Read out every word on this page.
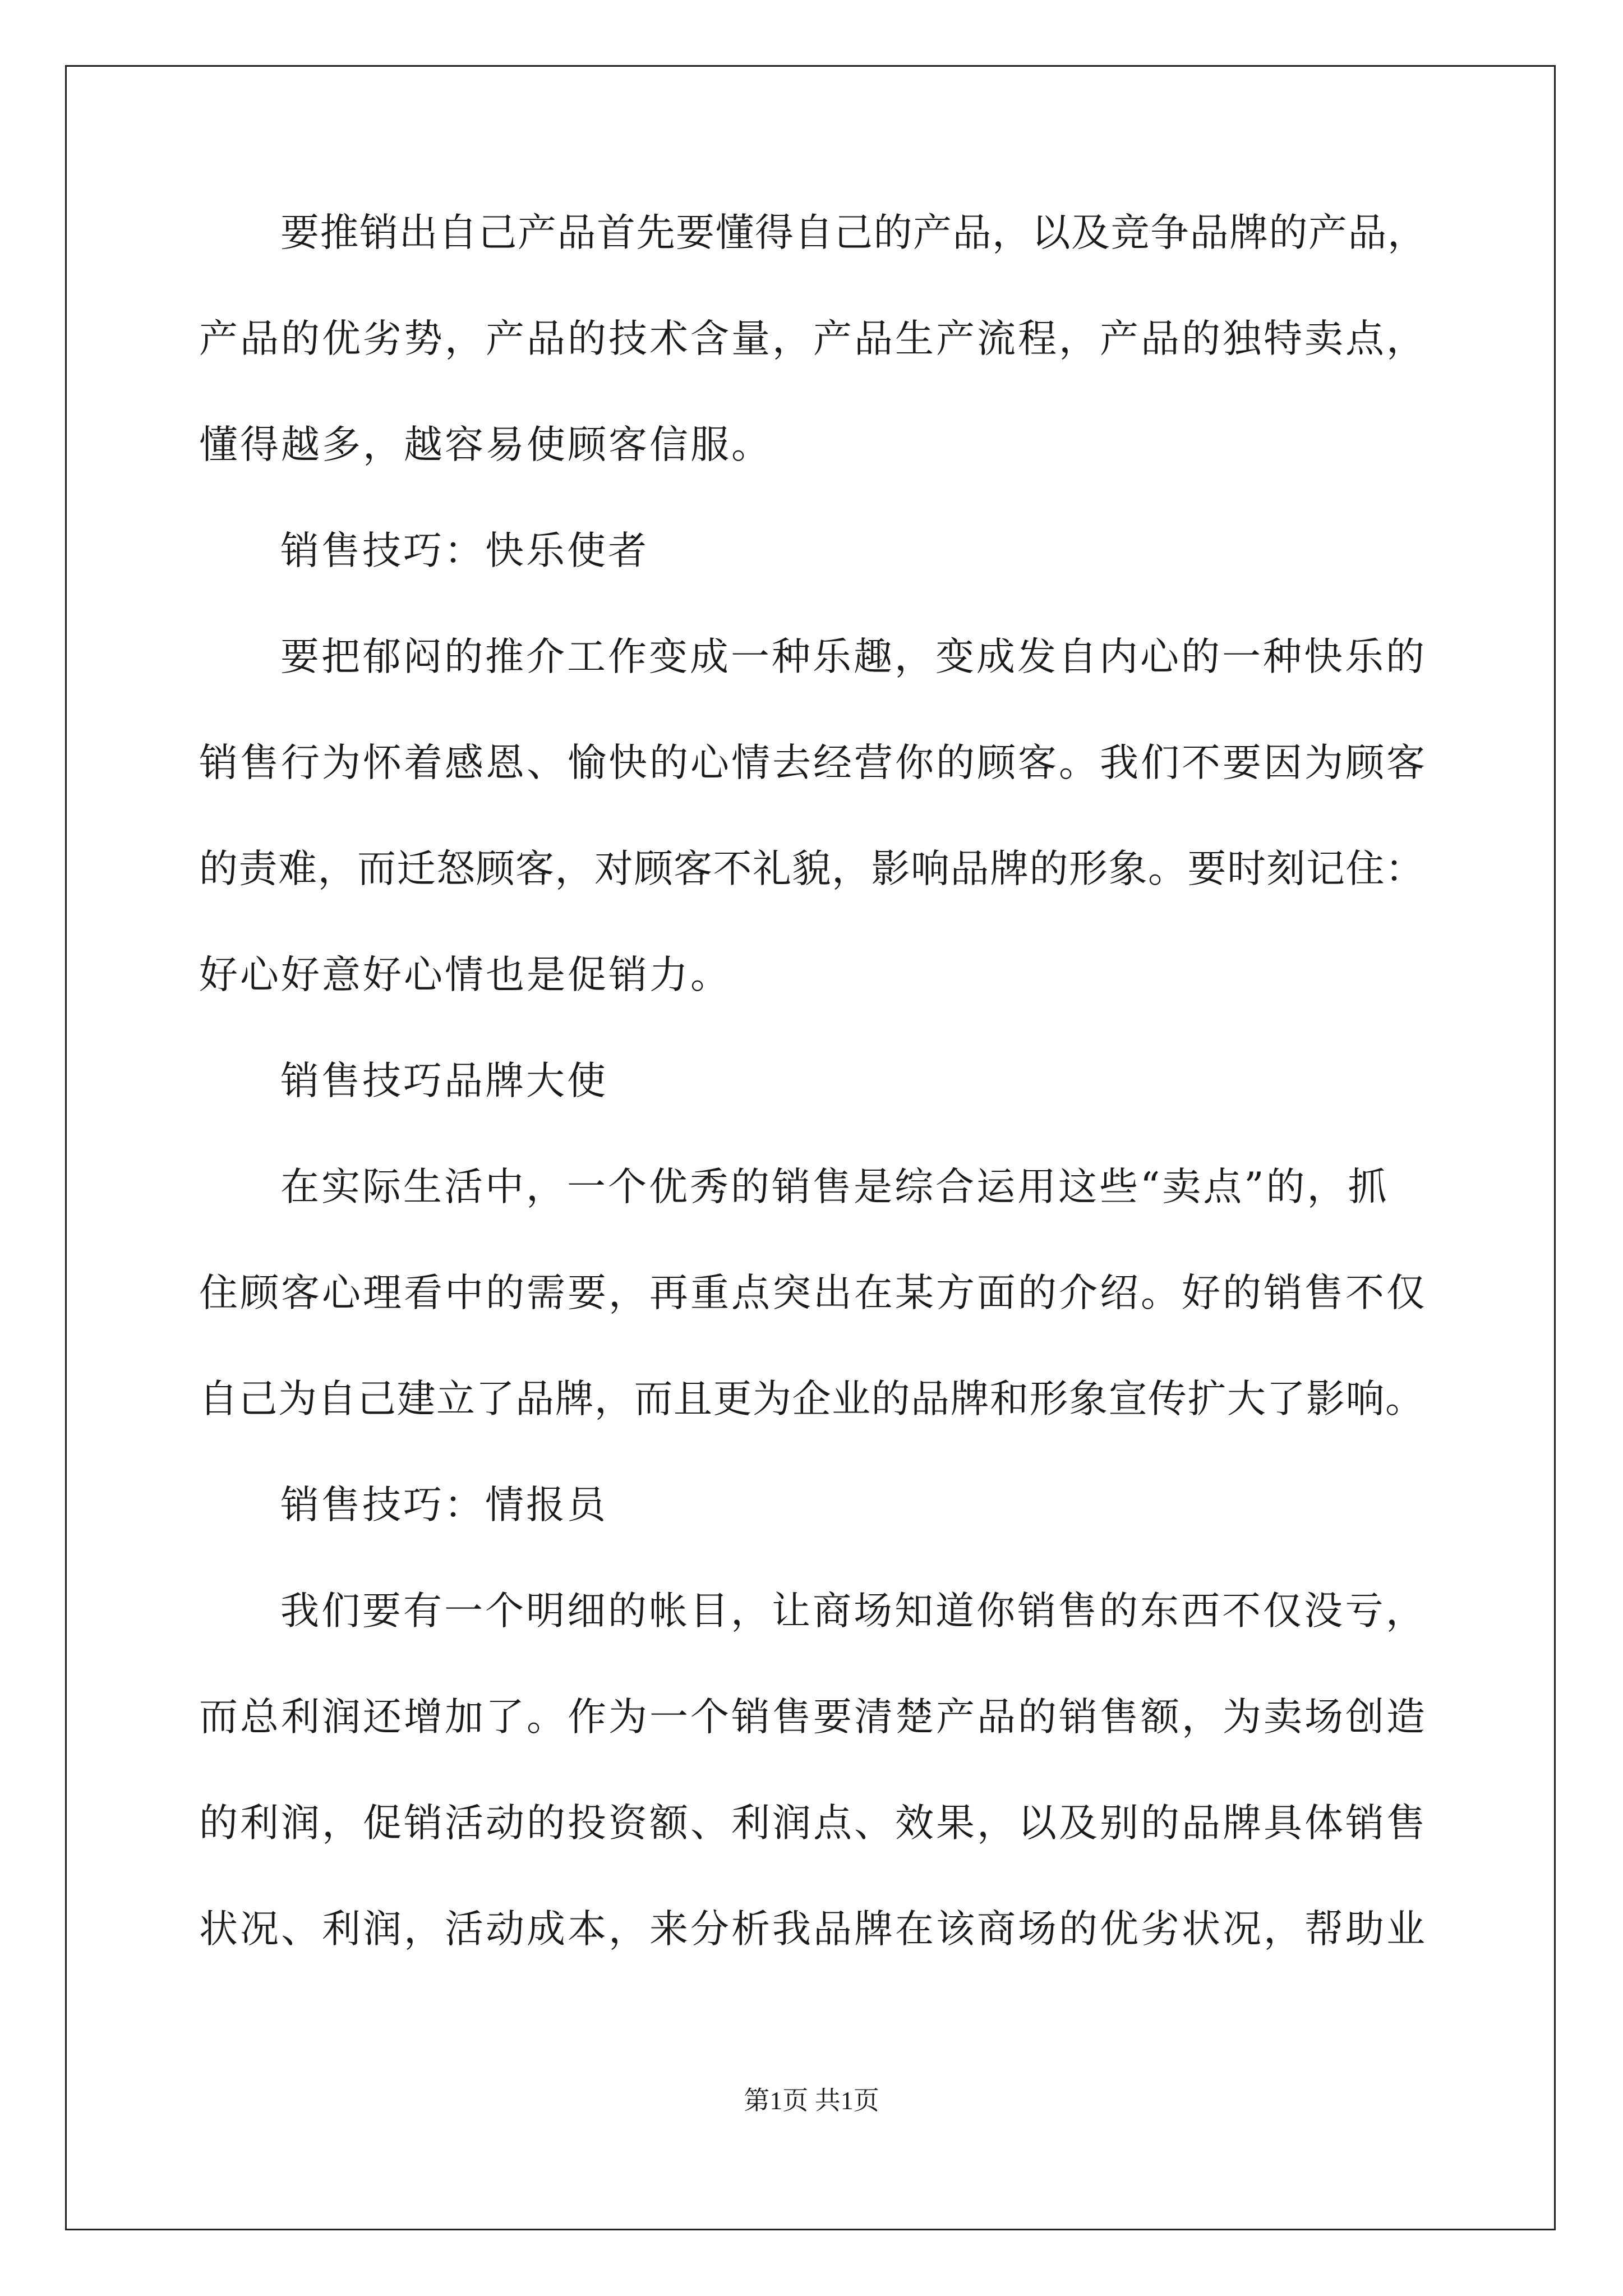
要推销出自己产品首先要懂得自己的产品，以及竞争品牌的产品，
产品的优劣势，产品的技术含量，产品生产流程，产品的独特卖点，
懂得越多，越容易使顾客信服。
销售技巧：快乐使者
要把郁闷的推介工作变成一种乐趣，变成发自内心的一种快乐的
销售行为怀着感恩、愉快的心情去经营你的顾客。我们不要因为顾客
的责难，而迁怒顾客，对顾客不礼貌，影响品牌的形象。要时刻记住：
好心好意好心情也是促销力。
销售技巧品牌大使
在实际生活中，一个优秀的销售是综合运用这些“卖点”的，抓
住顾客心理看中的需要，再重点突出在某方面的介绍。好的销售不仅
自己为自己建立了品牌，而且更为企业的品牌和形象宣传扩大了影响。
销售技巧：情报员
我们要有一个明细的帐目，让商场知道你销售的东西不仅没亏，
而总利润还增加了。作为一个销售要清楚产品的销售额，为卖场创造
的利润，促销活动的投资额、利润点、效果，以及别的品牌具体销售
状况、利润，活动成本，来分析我品牌在该商场的优劣状况，帮助业
第1页 共1页
